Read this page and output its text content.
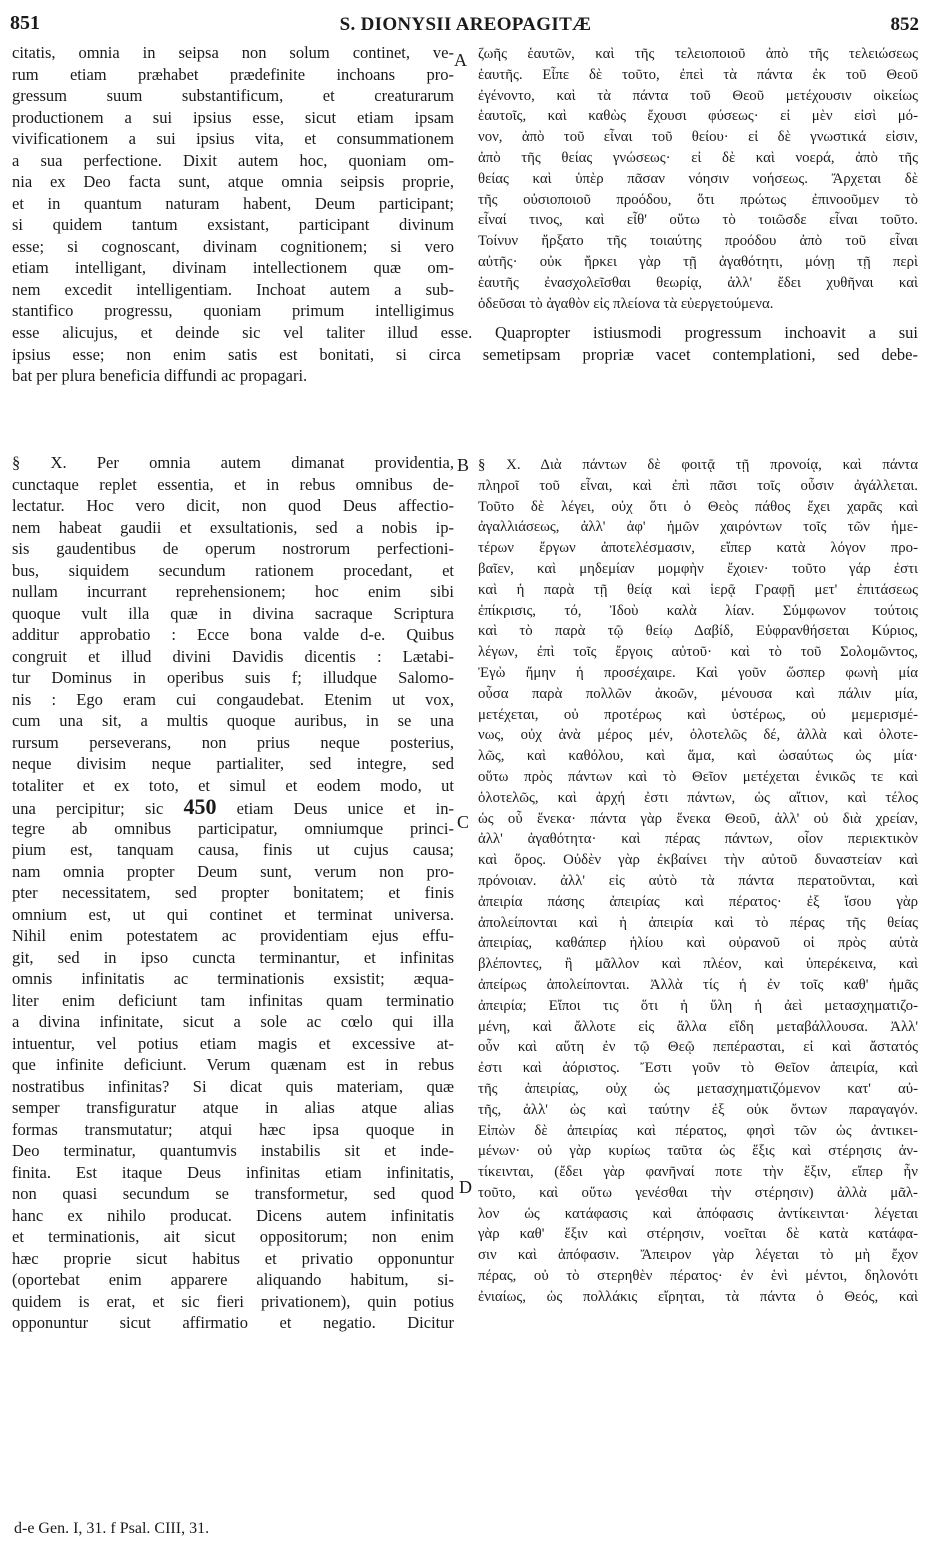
851	S. DIONYSII AREOPAGITÆ	852
citatis, omnia in seipsa non solum continet, ve-
rum etiam præhabet prædefinite inchoans pro-
gressum suum substantificum, et creaturarum
productionem a sui ipsius esse, sicut etiam ipsam
vivificationem a sui ipsius vita, et consummationem
a sua perfectione. Dixit autem hoc, quoniam om-
nia ex Deo facta sunt, atque omnia seipsis proprie,
et in quantum naturam habent, Deum participant;
si quidem tantum exsistant, participant divinum
esse; si cognoscant, divinam cognitionem; si vero
etiam intelligant, divinam intellectionem quæ om-
nem excedit intelligentiam. Inchoat autem a sub-
stantifico progressu, quoniam primum intelligimus
ζωῆς ἑαυτῶν, καὶ τῆς τελειοποιοῦ ἀπὸ τῆς τελειώσεως
ἑαυτῆς. Εἶπε δὲ τοῦτο, ἐπεὶ τὰ πάντα ἐκ τοῦ Θεοῦ
ἐγένοντο, καὶ τὰ πάντα τοῦ Θεοῦ μετέχουσιν οἰκείως
ἑαυτοῖς, καὶ καθὼς ἔχουσι φύσεως· εἰ μὲν εἰσὶ μό-
νον, ἀπὸ τοῦ εἶναι τοῦ θείου· εἰ δὲ γνωστικά εἰσιν,
ἀπὸ τῆς θείας γνώσεως· εἰ δὲ καὶ νοερά, ἀπὸ τῆς
θείας καὶ ὑπὲρ πᾶσαν νόησιν νοήσεως. Ἄρχεται δὲ
τῆς οὐσιοποιοῦ προόδου, ὅτι πρώτως ἐπινοοῦμεν τὸ
εἶναί τινος, καὶ εἶθ' οὕτω τὸ τοιῶσδε εἶναι τοῦτο.
Τοίνυν ἤρξατο τῆς τοιαύτης προόδου ἀπὸ τοῦ εἶναι
αὐτῆς· οὐκ ἤρκει γὰρ τῇ ἀγαθότητι, μόνῃ τῇ περὶ
ἑαυτῆς ἐνασχολεῖσθαι θεωρίᾳ, ἀλλ' ἔδει χυθῆναι καὶ
ὁδεῦσαι τὸ ἀγαθὸν εἰς πλείονα τὰ εὐεργετούμενα.
esse alicujus, et deinde sic vel taliter illud esse. Quapropter istiusmodi progressum inchoavit a sui
ipsius esse; non enim satis est bonitati, si circa semetipsam propriæ vacet contemplationi, sed debe-
bat per plura beneficia diffundi ac propagari.
§ X. Per omnia autem dimanat providentia,
cunctaque replet essentia, et in rebus omnibus de-
lectatur. Hoc vero dicit, non quod Deus affectio-
nem habeat gaudii et exsultationis, sed a nobis ip-
sis gaudentibus de operum nostrorum perfectioni-
bus, siquidem secundum rationem procedant, et
nullam incurrant reprehensionem; hoc enim sibi
quoque vult illa quæ in divina sacraque Scriptura
additur approbatio : Ecce bona valde d-e. Quibus
congruit et illud divini Davidis dicentis : Lætabi-
tur Dominus in operibus suis f; illudque Salomo-
nis : Ego eram cui congaudebat. Etenim ut vox,
cum una sit, a multis quoque auribus, in se una
rursum perseverans, non prius neque posterius,
neque divisim neque partialiter, sed integre, sed
totaliter et ex toto, et simul et eodem modo, ut
una percipitur; sic 450 etiam Deus unice et in-
tegre ab omnibus participatur, omniumque princi-
pium est, tanquam causa, finis ut cujus causa;
nam omnia propter Deum sunt, verum non pro-
pter necessitatem, sed propter bonitatem; et finis
omnium est, ut qui continet et terminat universa.
Nihil enim potestatem ac providentiam ejus effu-
git, sed in ipso cuncta terminantur, et infinitas
omnis infinitatis ac terminationis exsistit; æqua-
liter enim deficiunt tam infinitas quam terminatio
a divina infinitate, sicut a sole ac cœlo qui illa
intuentur, vel potius etiam magis et excessive at-
que infinite deficiunt. Verum quænam est in rebus
nostratibus infinitas? Si dicat quis materiam, quæ
semper transfiguratur atque in alias atque alias
formas transmutatur; atqui hæc ipsa quoque in
Deo terminatur, quantumvis instabilis sit et inde-
finita. Est itaque Deus infinitas etiam infinitatis,
non quasi secundum se transformetur, sed quod
hanc ex nihilo producat. Dicens autem infinitatis
et terminationis, ait sicut oppositorum; non enim
hæc proprie sicut habitus et privatio opponuntur
(oportebat enim apparere aliquando habitum, si-
quidem is erat, et sic fieri privationem), quin potius
opponuntur sicut affirmatio et negatio. Dicitur
§ Χ. Διὰ πάντων δὲ φοιτᾷ τῇ προνοίᾳ, καὶ πάντα
πληροῖ τοῦ εἶναι, καὶ ἐπὶ πᾶσι τοῖς οὖσιν ἀγάλλεται.
Τοῦτο δὲ λέγει, οὐχ ὅτι ὁ Θεὸς πάθος ἔχει χαρᾶς καὶ
ἀγαλλιάσεως, ἀλλ' ἀφ' ἡμῶν χαιρόντων τοῖς τῶν ἡμε-
τέρων ἔργων ἀποτελέσμασιν, εἴπερ κατὰ λόγον προ-
βαῖεν, καὶ μηδεμίαν μομφὴν ἔχοιεν· τοῦτο γάρ ἐστι
καὶ ἡ παρὰ τῇ θείᾳ καὶ ἱερᾷ Γραφῇ μετ' ἐπιτάσεως
ἐπίκρισις, τό, Ἰδοὺ καλὰ λίαν. Σύμφωνον τούτοις
καὶ τὸ παρὰ τῷ θείῳ Δαβίδ, Εὐφρανθήσεται Κύριος,
λέγων, ἐπὶ τοῖς ἔργοις αὐτοῦ· καὶ τὸ τοῦ Σολομῶντος,
Ἐγὼ ἤμην ἡ προσέχαιρε. Καὶ γοῦν ὥσπερ φωνὴ μία
οὖσα παρὰ πολλῶν ἀκοῶν, μένουσα καὶ πάλιν μία,
μετέχεται, οὐ προτέρως καὶ ὑστέρως, οὐ μεμερισμέ-
νως, οὐχ ἀνὰ μέρος μέν, ὁλοτελῶς δέ, ἀλλὰ καὶ ὁλοτε-
λῶς, καὶ καθόλου, καὶ ἅμα, καὶ ὡσαύτως ὡς μία·
οὕτω πρὸς πάντων καὶ τὸ Θεῖον μετέχεται ἑνικῶς τε καὶ
ὁλοτελῶς, καὶ ἀρχή ἐστι πάντων, ὡς αἴτιον, καὶ τέλος
ὡς οὗ ἕνεκα· πάντα γὰρ ἕνεκα Θεοῦ, ἀλλ' οὐ διὰ χρείαν,
ἀλλ' ἀγαθότητα· καὶ πέρας πάντων, οἷον περιεκτικὸν
καὶ ὅρος. Οὐδὲν γὰρ ἐκβαίνει τὴν αὐτοῦ δυναστείαν καὶ
πρόνοιαν. ἀλλ' εἰς αὐτὸ τὰ πάντα περατοῦνται, καὶ
ἀπειρία πάσης ἀπειρίας καὶ πέρατος· ἐξ ἴσου γὰρ
ἀπολείπονται καὶ ἡ ἀπειρία καὶ τὸ πέρας τῆς θείας
ἀπειρίας, καθάπερ ἡλίου καὶ οὐρανοῦ οἱ πρὸς αὐτὰ
βλέποντες, ἢ μᾶλλον καὶ πλέον, καὶ ὑπερέκεινα, καὶ
ἀπείρως ἀπολείπονται. Ἀλλὰ τίς ἡ ἐν τοῖς καθ' ἡμᾶς
ἀπειρία; Εἴποι τις ὅτι ἡ ὕλη ἡ ἀεὶ μετασχηματιζο-
μένη, καὶ ἄλλοτε εἰς ἄλλα εἴδη μεταβάλλουσα. Ἀλλ'
οὖν καὶ αὕτη ἐν τῷ Θεῷ πεπέρασται, εἰ καὶ ἄστατός
ἐστι καὶ ἀόριστος. Ἔστι γοῦν τὸ Θεῖον ἀπειρία, καὶ
τῆς ἀπειρίας, οὐχ ὡς μετασχηματιζόμενον κατ' αὐ-
τῆς, ἀλλ' ὡς καὶ ταύτην ἐξ οὐκ ὄντων παραγαγόν.
Εἰπὼν δὲ ἀπειρίας καὶ πέρατος, φησὶ τῶν ὡς ἀντικει-
μένων· οὐ γὰρ κυρίως ταῦτα ὡς ἕξις καὶ στέρησις ἀν-
τίκεινται, (ἔδει γὰρ φανῆναί ποτε τὴν ἕξιν, εἴπερ ἦν
τοῦτο, καὶ οὕτω γενέσθαι τὴν στέρησιν) ἀλλὰ μᾶλ-
λον ὡς κατάφασις καὶ ἀπόφασις ἀντίκεινται· λέγεται
γὰρ καθ' ἕξιν καὶ στέρησιν, νοεῖται δὲ κατὰ κατάφα-
σιν καὶ ἀπόφασιν. Ἄπειρον γὰρ λέγεται τὸ μὴ ἔχον
πέρας, οὐ τὸ στερηθὲν πέρατος· ἐν ἑνὶ μέντοι, δηλονότι
ἐνιαίως, ὡς πολλάκις εἴρηται, τὰ πάντα ὁ Θεός, καὶ
A
B
C
D
d-e Gen. I, 31. f Psal. CIII, 31.
